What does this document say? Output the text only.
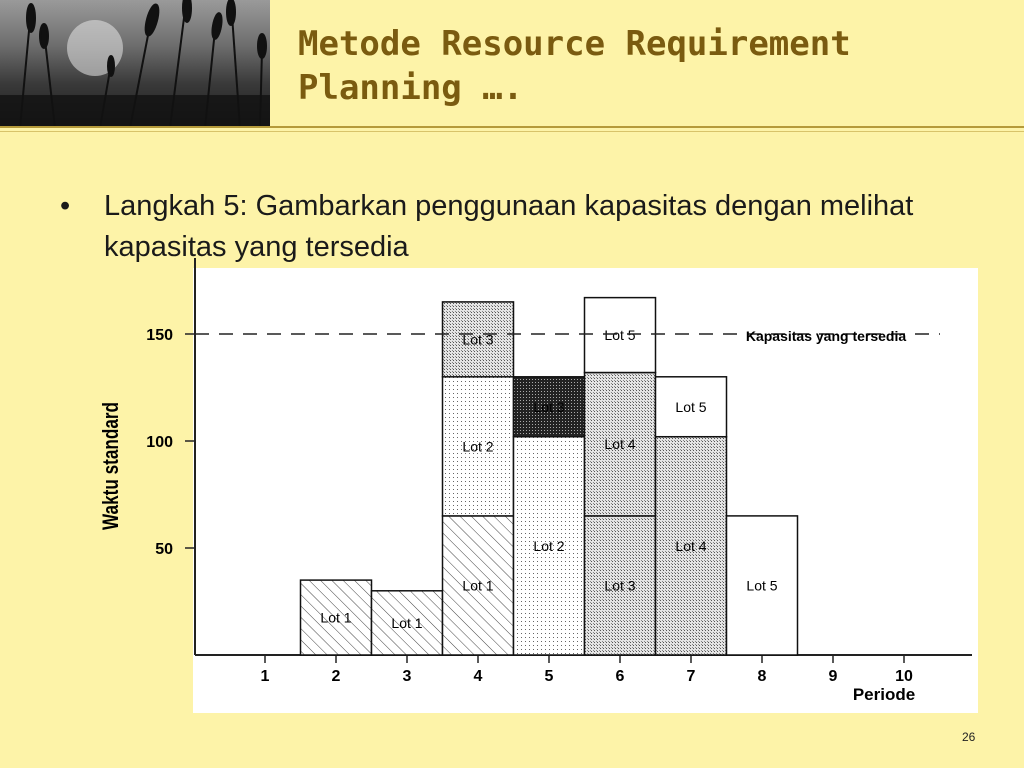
Metode Resource Requirement
Planning ….
• Langkah 5: Gambarkan penggunaan kapasitas dengan melihat kapasitas yang tersedia
50
100
150
Waktu standard
1	2	3	4	5	6	7	8	9	10
Periode
Lot 1	Lot 1
Lot 1
Lot 2
Lot 3
Lot 2
Lot 3
Lot 3
Lot 4
Lot 5
Lot 4
Lot 5
Lot 5
Kapasitas yang tersedia
26
